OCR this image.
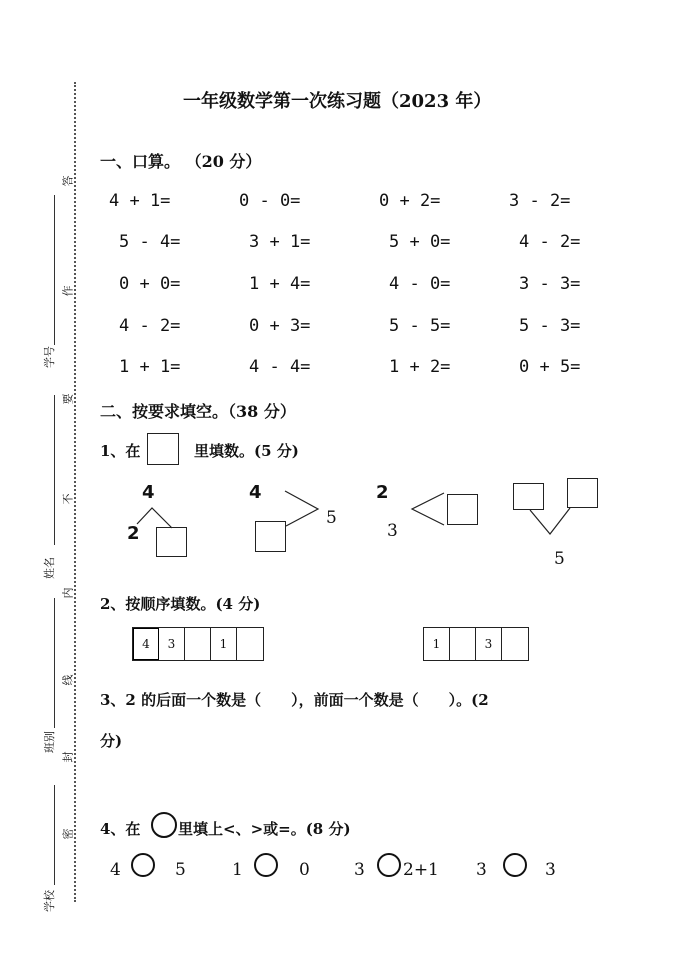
答
作
学号
要
不
姓名
内
线
班别
封
密
学校
一年级数学第一次练习题（2023 年）
一、口算。 （20 分）
4 + 1=	0 - 0=	0 + 2=	3 - 2=
5 - 4=	3 + 1=	5 + 0=	4 - 2=
0 + 0=	1 + 4=	4 - 0=	3 - 3=
4 - 2=	0 + 3=	5 - 5=	5 - 3=
1 + 1=	4 - 4=	1 + 2=	0 + 5=
二、按要求填空。（38 分）
1、在	里填数。(5 分)
4
2
4
5
2
3
5
2、按顺序填数。(4 分)
4	3	1	1	3
3、2 的后面一个数是（　　），前面一个数是（　　）。(2
分)
4、在	里填上<、>或=。(8 分)
4	5	1	0	3 2+1 3	3
